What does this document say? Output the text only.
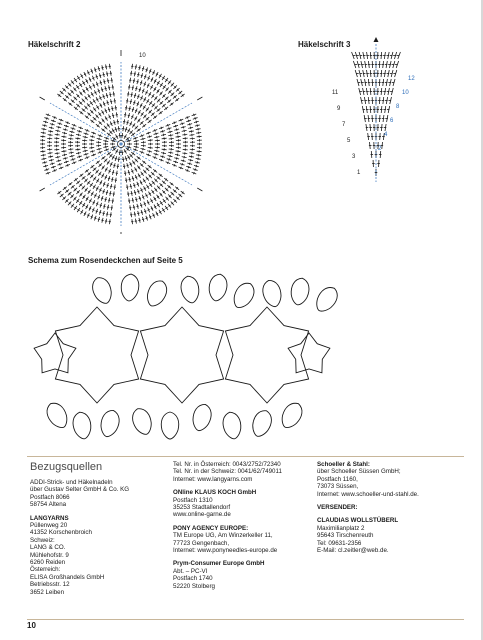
Häkelschrift 2	Häkelschrift 3
Schema zum Rosendeckchen auf Seite 5
10
12
10
8
6
4
2
11
9
7
5
3
1
Bezugsquellen
ADDI-Strick- und Häkelnadeln
über Gustav Selter GmbH & Co. KG
Postfach 8066
58754 Altena
LANGYARNS
Püllenweg 20
41352 Korschenbroich
Schweiz:
LANG & CO.
Mühlehofstr. 9
6260 Reiden
Österreich:
ELISA Großhandels GmbH
Betriebsstr. 12
3652 Leiben
Tel. Nr. in Österreich: 0043/2752/72340
Tel. Nr. in der Schweiz: 0041/62/749011
Internet: www.langyarns.com
ONline KLAUS KOCH GmbH
Postfach 1310
35253 Stadtallendorf
www.online-garne.de
PONY AGENCY EUROPE:
TM Europe UG, Am Winzerkeller 11,
77723 Gengenbach,
Internet: www.ponyneedles-europe.de
Prym-Consumer Europe GmbH
Abt. – PC-VI
Postfach 1740
52220 Stolberg
Schoeller & Stahl:
über Schoeller Süssen GmbH;
Postfach 1160,
73073 Süssen,
Internet: www.schoeller-und-stahl.de.
VERSENDER:
CLAUDIAS WOLLSTÜBERL
Maximilianplatz 2
95643 Tirschenreuth
Tel: 09631-2356
E-Mail: cl.zeitler@web.de.
10
